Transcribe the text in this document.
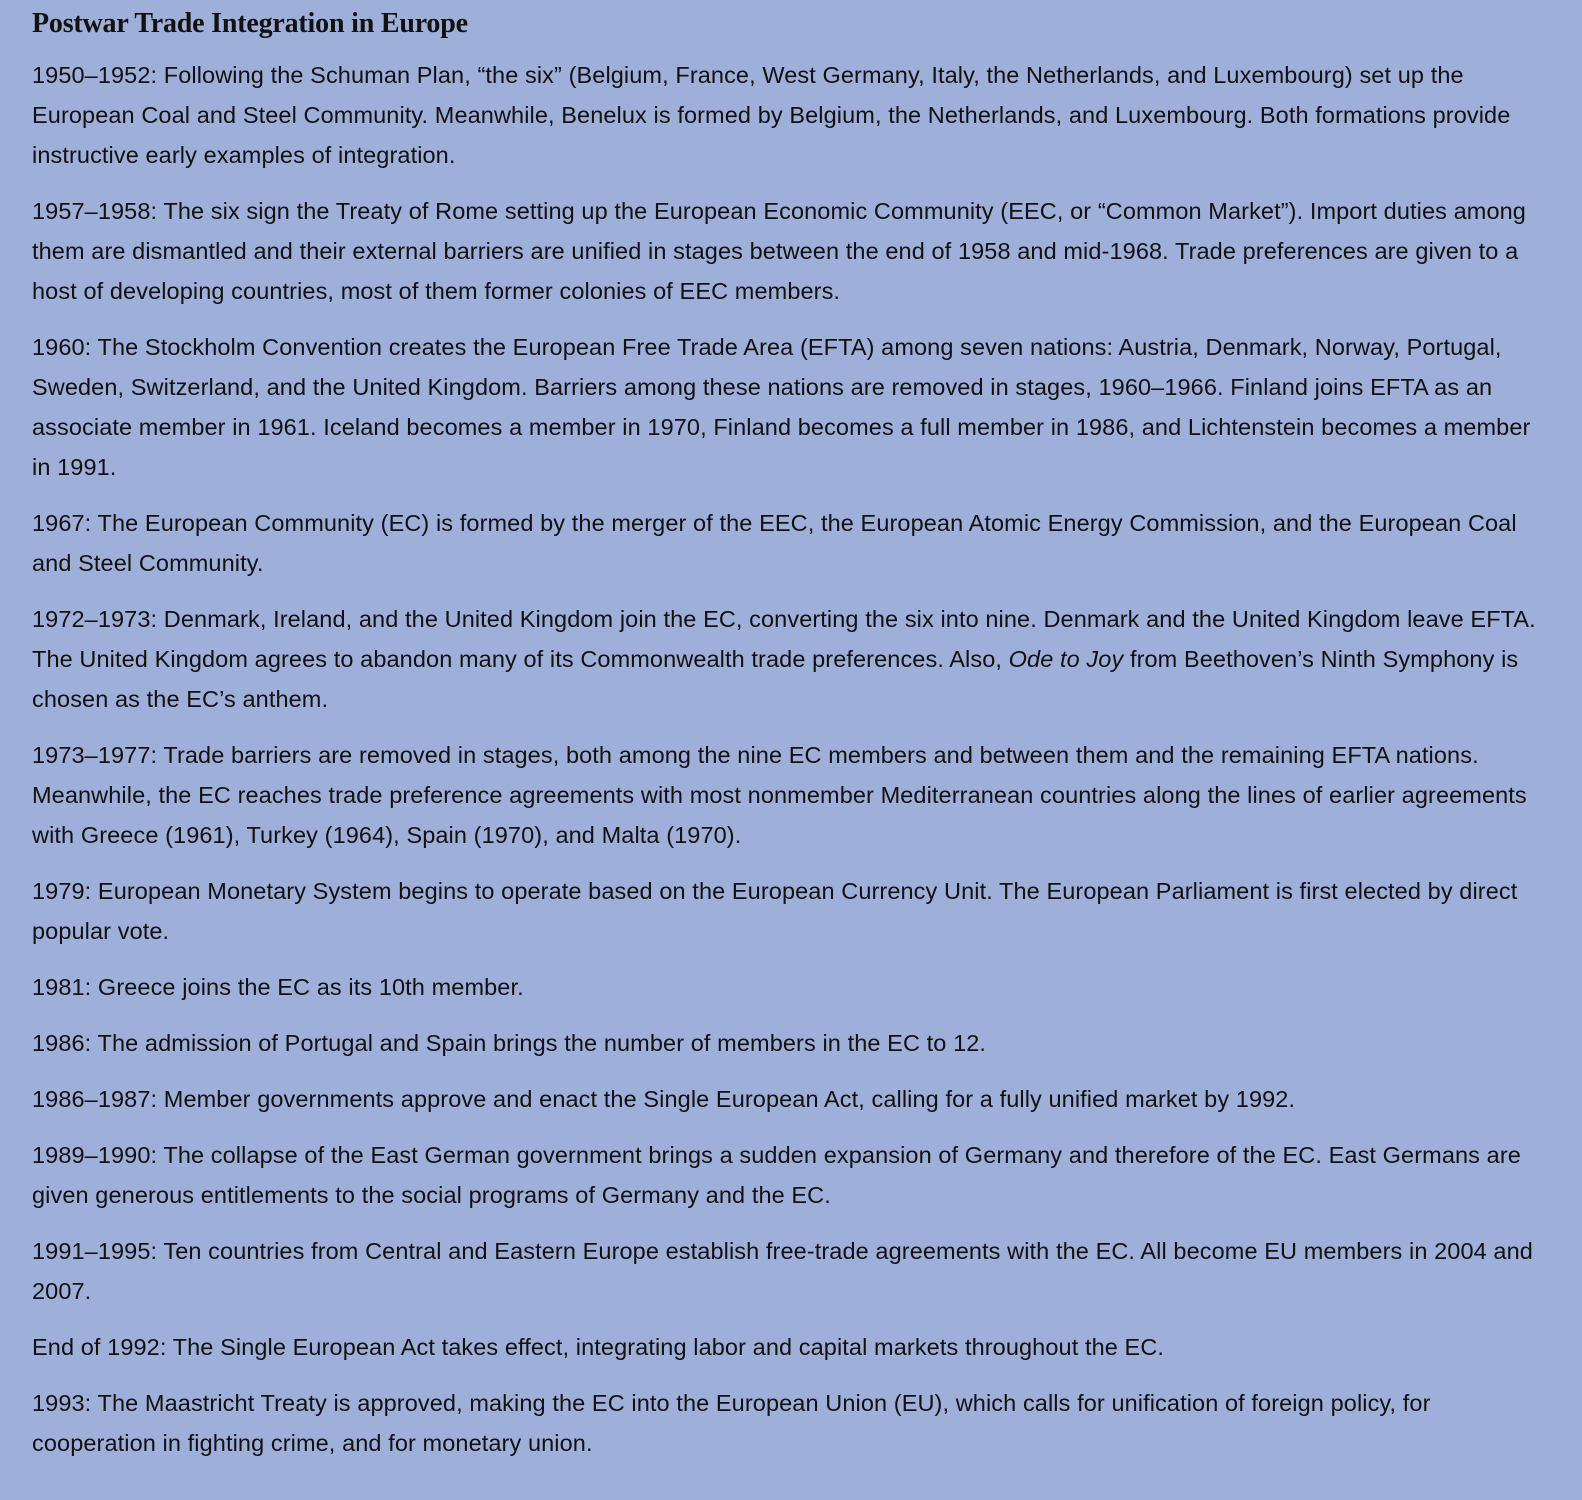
Postwar Trade Integration in Europe

1950–1952: Following the Schuman Plan, “the six” (Belgium, France, West Germany, Italy, the Netherlands, and Luxembourg) set up the European Coal and Steel Community. Meanwhile, Benelux is formed by Belgium, the Netherlands, and Luxembourg. Both formations provide instructive early examples of integration.

1957–1958: The six sign the Treaty of Rome setting up the European Economic Community (EEC, or “Common Market”). Import duties among them are dismantled and their external barriers are unified in stages between the end of 1958 and mid-1968. Trade preferences are given to a host of developing countries, most of them former colonies of EEC members.

1960: The Stockholm Convention creates the European Free Trade Area (EFTA) among seven nations: Austria, Denmark, Norway, Portugal, Sweden, Switzerland, and the United Kingdom. Barriers among these nations are removed in stages, 1960–1966. Finland joins EFTA as an associate member in 1961. Iceland becomes a member in 1970, Finland becomes a full member in 1986, and Lichtenstein becomes a member in 1991.

1967: The European Community (EC) is formed by the merger of the EEC, the European Atomic Energy Commission, and the European Coal and Steel Community.

1972–1973: Denmark, Ireland, and the United Kingdom join the EC, converting the six into nine. Denmark and the United Kingdom leave EFTA. The United Kingdom agrees to abandon many of its Commonwealth trade preferences. Also, Ode to Joy from Beethoven’s Ninth Symphony is chosen as the EC’s anthem.

1973–1977: Trade barriers are removed in stages, both among the nine EC members and between them and the remaining EFTA nations. Meanwhile, the EC reaches trade preference agreements with most nonmember Mediterranean countries along the lines of earlier agreements with Greece (1961), Turkey (1964), Spain (1970), and Malta (1970).

1979: European Monetary System begins to operate based on the European Currency Unit. The European Parliament is first elected by direct popular vote.

1981: Greece joins the EC as its 10th member.

1986: The admission of Portugal and Spain brings the number of members in the EC to 12.

1986–1987: Member governments approve and enact the Single European Act, calling for a fully unified market by 1992.

1989–1990: The collapse of the East German government brings a sudden expansion of Germany and therefore of the EC. East Germans are given generous entitlements to the social programs of Germany and the EC.

1991–1995: Ten countries from Central and Eastern Europe establish free-trade agreements with the EC. All become EU members in 2004 and 2007.

End of 1992: The Single European Act takes effect, integrating labor and capital markets throughout the EC.

1993: The Maastricht Treaty is approved, making the EC into the European Union (EU), which calls for unification of foreign policy, for cooperation in fighting crime, and for monetary union.
